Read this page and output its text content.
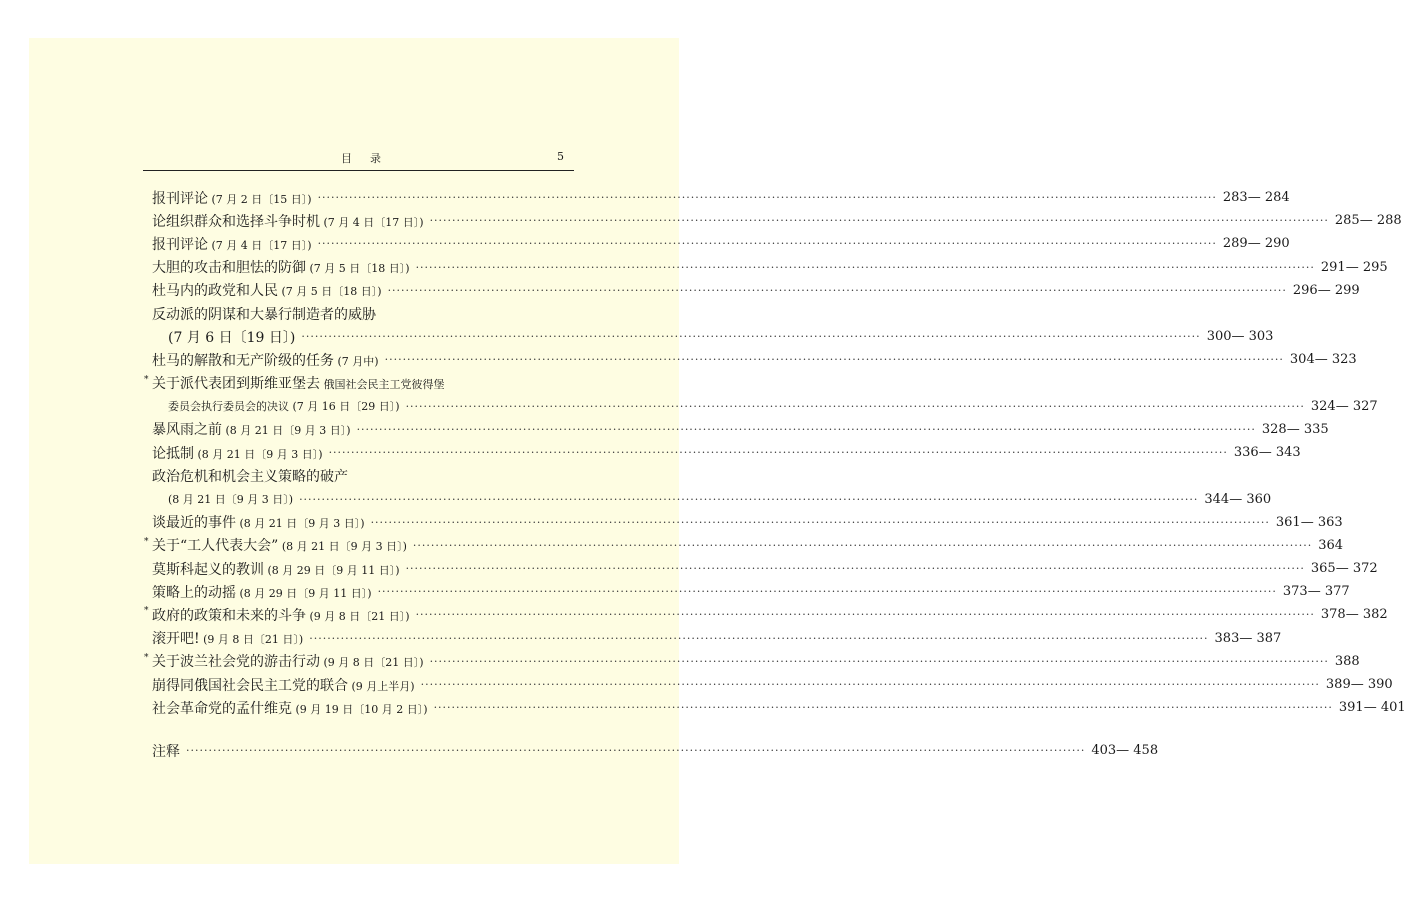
目录	5
报刊评论 (7 月 2 日〔15 日〕) ········································································································································································································ 283— 284
论组织群众和选择斗争时机 (7 月 4 日〔17 日〕) ········································································································································································································ 285— 288
报刊评论 (7 月 4 日〔17 日〕) ········································································································································································································ 289— 290
大胆的攻击和胆怯的防御 (7 月 5 日〔18 日〕) ········································································································································································································ 291— 295
杜马内的政党和人民 (7 月 5 日〔18 日〕) ········································································································································································································ 296— 299
反动派的阴谋和大暴行制造者的威胁
(7 月 6 日〔19 日〕) ········································································································································································································ 300— 303
杜马的解散和无产阶级的任务 (7 月中) ········································································································································································································ 304— 323
* 关于派代表团到斯维亚堡去 俄国社会民主工党彼得堡
委员会执行委员会的决议 (7 月 16 日〔29 日〕) ········································································································································································································ 324— 327
暴风雨之前 (8 月 21 日〔9 月 3 日〕) ········································································································································································································ 328— 335
论抵制 (8 月 21 日〔9 月 3 日〕) ········································································································································································································ 336— 343
政治危机和机会主义策略的破产
(8 月 21 日〔9 月 3 日〕) ········································································································································································································ 344— 360
谈最近的事件 (8 月 21 日〔9 月 3 日〕) ········································································································································································································ 361— 363
* 关于“工人代表大会” (8 月 21 日〔9 月 3 日〕) ········································································································································································································ 364
莫斯科起义的教训 (8 月 29 日〔9 月 11 日〕) ········································································································································································································ 365— 372
策略上的动摇 (8 月 29 日〔9 月 11 日〕) ········································································································································································································ 373— 377
* 政府的政策和未来的斗争 (9 月 8 日〔21 日〕) ········································································································································································································ 378— 382
滚开吧! (9 月 8 日〔21 日〕) ········································································································································································································ 383— 387
* 关于波兰社会党的游击行动 (9 月 8 日〔21 日〕) ········································································································································································································ 388
崩得同俄国社会民主工党的联合 (9 月上半月) ········································································································································································································ 389— 390
社会革命党的孟什维克 (9 月 19 日〔10 月 2 日〕) ········································································································································································································ 391— 401
注释 ········································································································································································································ 403— 458
